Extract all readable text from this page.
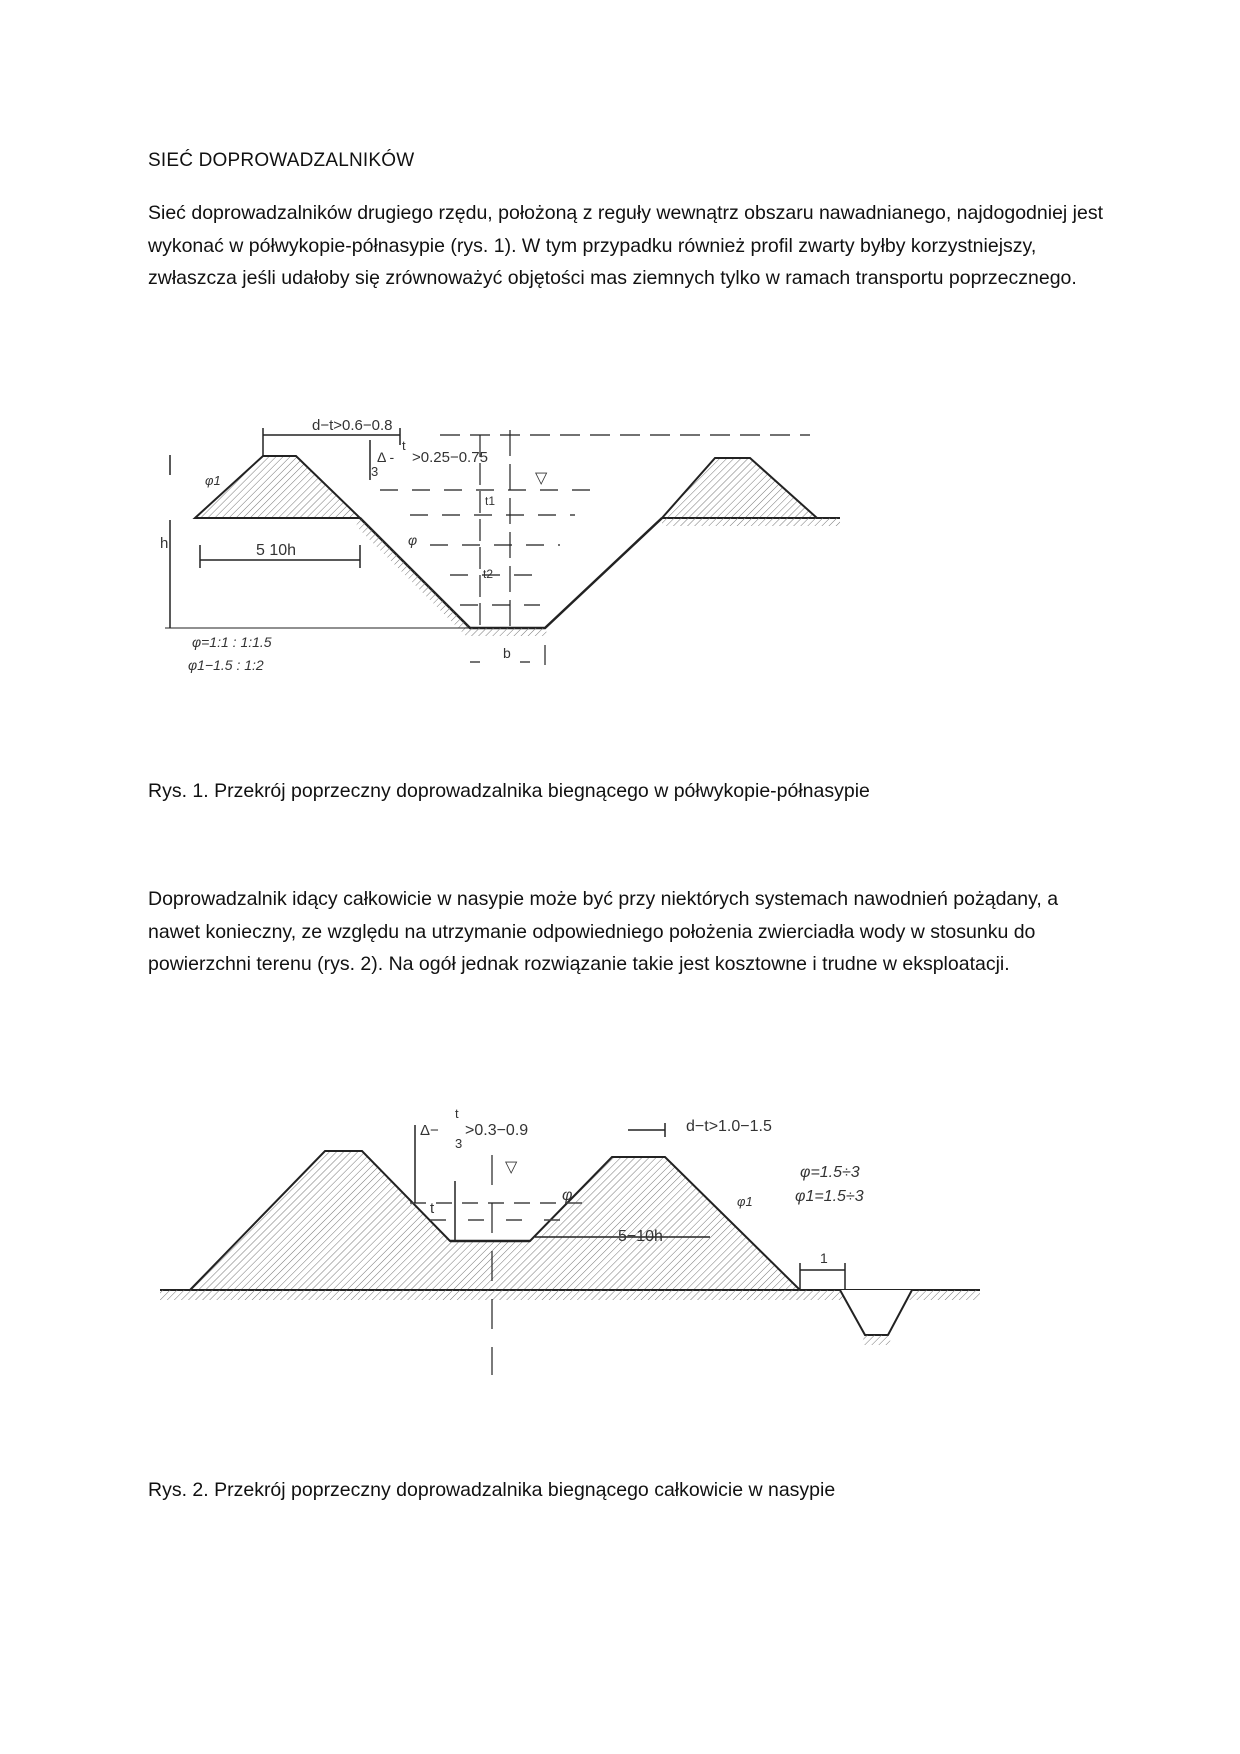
SIEĆ DOPROWADZALNIKÓW

Sieć doprowadzalników drugiego rzędu, położoną z reguły wewnątrz obszaru nawadnianego, najdogodniej jest wykonać w półwykopie-półnasypie (rys. 1). W tym przypadku również profil zwarty byłby korzystniejszy, zwłaszcza jeśli udałoby się zrównoważyć objętości mas ziemnych tylko w ramach transportu poprzecznego.

d−t>0.6−0.8
Δ -
t
3
>0.25−0.75
φ1
h	5 10h
φ
t1
t2
b
▽
φ=1:1 : 1:1.5
φ1−1.5 : 1:2
Rys. 1. Przekrój poprzeczny doprowadzalnika biegnącego w półwykopie-półnasypie

Doprowadzalnik idący całkowicie w nasypie może być przy niektórych systemach nawodnień pożądany, a nawet konieczny, ze względu na utrzymanie odpowiedniego położenia zwierciadła wody w stosunku do powierzchni terenu (rys. 2). Na ogół jednak rozwiązanie takie jest kosztowne i trudne w eksploatacji.

Δ−
t
3
>0.3−0.9	d−t>1.0−1.5
▽
φ	φ1
t
5−10h
φ=1.5÷3
φ1=1.5÷3
1
Rys. 2. Przekrój poprzeczny doprowadzalnika biegnącego całkowicie w nasypie
